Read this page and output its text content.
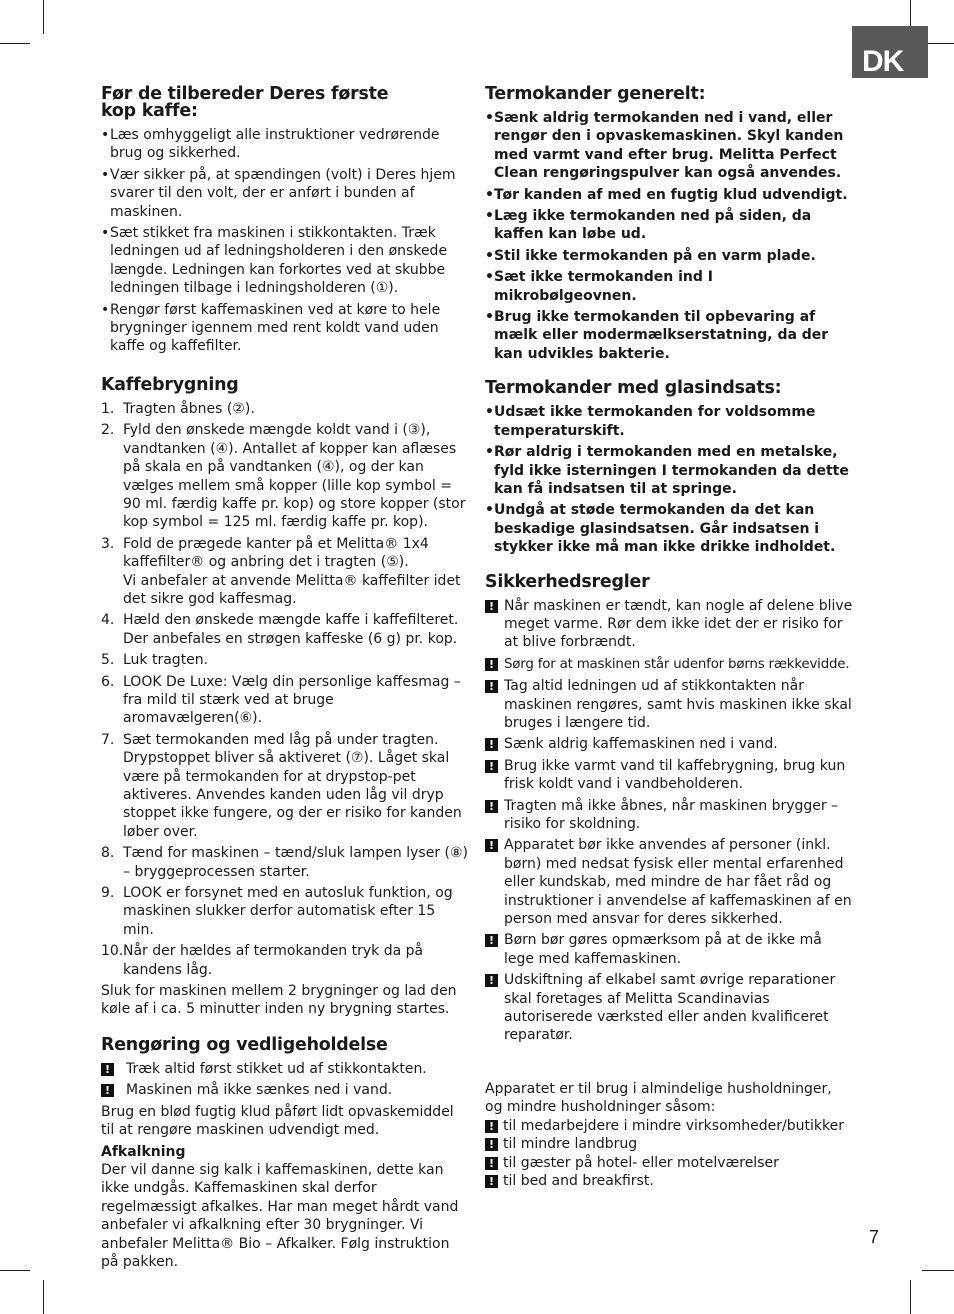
DK
7
Før de tilbereder Deres første
kop kaffe:
• Læs omhyggeligt alle instruktioner vedrørende brug og sikkerhed.
• Vær sikker på, at spændingen (volt) i Deres hjem svarer til den volt, der er anført i bunden af maskinen.
• Sæt stikket fra maskinen i stikkontakten. Træk ledningen ud af ledningsholderen i den ønskede længde. Ledningen kan forkortes ved at skubbe ledningen tilbage i ledningsholderen (①).
• Rengør først kaffemaskinen ved at køre to hele brygninger igennem med rent koldt vand uden kaffe og kaffefilter.
Kaffebrygning
1. Tragten åbnes (②).
2. Fyld den ønskede mængde koldt vand i (③), vandtanken (④). Antallet af kopper kan aflæses på skala en på vandtanken (④), og der kan vælges mellem små kopper (lille kop symbol = 90 ml. færdig kaffe pr. kop) og store kopper (stor kop symbol = 125 ml. færdig kaffe pr. kop).
3. Fold de prægede kanter på et Melitta® 1x4 kaffefilter® og anbring det i tragten (⑤).
Vi anbefaler at anvende Melitta® kaffefilter idet det sikre god kaffesmag.
4. Hæld den ønskede mængde kaffe i kaffefilteret. Der anbefales en strøgen kaffeske (6 g) pr. kop.
5. Luk tragten.
6. LOOK De Luxe: Vælg din personlige kaffesmag – fra mild til stærk ved at bruge aromavælgeren(⑥).
7. Sæt termokanden med låg på under tragten. Drypstoppet bliver så aktiveret (⑦). Låget skal være på termokanden for at drypstop-pet aktiveres. Anvendes kanden uden låg vil dryp stoppet ikke fungere, og der er risiko for kanden løber over.
8. Tænd for maskinen – tænd/sluk lampen lyser (⑧) – bryggeprocessen starter.
9. LOOK er forsynet med en autosluk funktion, og maskinen slukker derfor automatisk efter 15 min.
10. Når der hældes af termokanden tryk da på kandens låg.

Sluk for maskinen mellem 2 brygninger og lad den køle af i ca. 5 minutter inden ny brygning startes.

Rengøring og vedligeholdelse
! Træk altid først stikket ud af stikkontakten.
! Maskinen må ikke sænkes ned i vand.

Brug en blød fugtig klud påført lidt opvaskemiddel til at rengøre maskinen udvendigt med.

Afkalkning

Der vil danne sig kalk i kaffemaskinen, dette kan ikke undgås. Kaffemaskinen skal derfor regelmæssigt afkalkes. Har man meget hårdt vand anbefaler vi afkalkning efter 30 brygninger. Vi anbefaler Melitta® Bio – Afkalker. Følg instruktion på pakken.

Termokander generelt:
• Sænk aldrig termokanden ned i vand, eller rengør den i opvaskemaskinen. Skyl kanden med varmt vand efter brug. Melitta Perfect Clean rengøringspulver kan også anvendes.
• Tør kanden af med en fugtig klud udvendigt.
• Læg ikke termokanden ned på siden, da kaffen kan løbe ud.
• Stil ikke termokanden på en varm plade.
• Sæt ikke termokanden ind I mikrobølgeovnen.
• Brug ikke termokanden til opbevaring af mælk eller modermælkserstatning, da der kan udvikles bakterie.
Termokander med glasindsats:
• Udsæt ikke termokanden for voldsomme temperaturskift.
• Rør aldrig i termokanden med en metalske, fyld ikke isterningen I termokanden da dette kan få indsatsen til at springe.
• Undgå at støde termokanden da det kan beskadige glasindsatsen. Går indsatsen i stykker ikke må man ikke drikke indholdet.
Sikkerhedsregler
! Når maskinen er tændt, kan nogle af delene blive meget varme. Rør dem ikke idet der er risiko for at blive forbrændt.
! Sørg for at maskinen står udenfor børns rækkevidde.
! Tag altid ledningen ud af stikkontakten når maskinen rengøres, samt hvis maskinen ikke skal bruges i længere tid.
! Sænk aldrig kaffemaskinen ned i vand.
! Brug ikke varmt vand til kaffebrygning, brug kun frisk koldt vand i vandbeholderen.
! Tragten må ikke åbnes, når maskinen brygger – risiko for skoldning.
! Apparatet bør ikke anvendes af personer (inkl. børn) med nedsat fysisk eller mental erfarenhed eller kundskab, med mindre de har fået råd og instruktioner i anvendelse af kaffemaskinen af en person med ansvar for deres sikkerhed.
! Børn bør gøres opmærksom på at de ikke må lege med kaffemaskinen.
! Udskiftning af elkabel samt øvrige reparationer skal foretages af Melitta Scandinavias autoriserede værksted eller anden kvalificeret reparatør.

Apparatet er til brug i almindelige husholdninger, og mindre husholdninger såsom:

! til medarbejdere i mindre virksomheder/butikker
! til mindre landbrug
! til gæster på hotel- eller motelværelser
! til bed and breakfirst.
